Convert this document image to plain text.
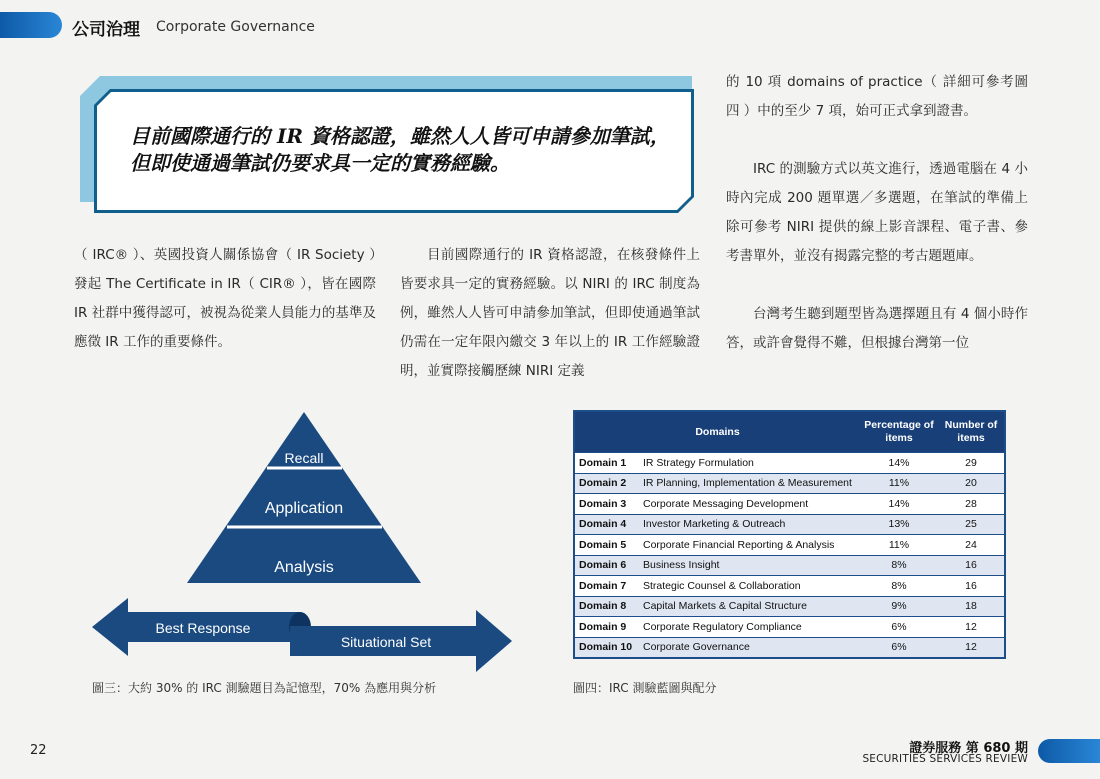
公司治理 Corporate Governance
目前國際通行的 IR 資格認證，雖然人人皆可申請參加筆試，
但即使通過筆試仍要求具一定的實務經驗。

（ IRC® ）、英國投資人關係協會（ IR Society ）發起 The Certificate in IR（ CIR® ），皆在國際 IR 社群中獲得認可，被視為從業人員能力的基準及應徵 IR 工作的重要條件。

目前國際通行的 IR 資格認證，在核發條件上皆要求具一定的實務經驗。以 NIRI 的 IRC 制度為例，雖然人人皆可申請參加筆試，但即使通過筆試仍需在一定年限內繳交 3 年以上的 IR 工作經驗證明，並實際接觸歷練 NIRI 定義

的 10 項 domains of practice（ 詳細可參考圖四 ）中的至少 7 項，始可正式拿到證書。

IRC 的測驗方式以英文進行，透過電腦在 4 小時內完成 200 題單選／多選題，在筆試的準備上除可參考 NIRI 提供的線上影音課程、電子書、參考書單外，並沒有揭露完整的考古題題庫。

台灣考生聽到題型皆為選擇題且有 4 個小時作答，或許會覺得不難，但根據台灣第一位

Recall
Application
Analysis
Best Response
Situational Set
圖三：大約 30% 的 IRC 測驗題目為記憶型，70% 為應用與分析
Domains		Percentage of items	Number of items
Domain 1	IR Strategy Formulation	14%	29
Domain 2	IR Planning, Implementation & Measurement	11%	20
Domain 3	Corporate Messaging Development	14%	28
Domain 4	Investor Marketing & Outreach	13%	25
Domain 5	Corporate Financial Reporting & Analysis	11%	24
Domain 6	Business Insight	8%	16
Domain 7	Strategic Counsel & Collaboration	8%	16
Domain 8	Capital Markets & Capital Structure	9%	18
Domain 9	Corporate Regulatory Compliance	6%	12
Domain 10	Corporate Governance	6%	12
圖四：IRC 測驗藍圖與配分
22	證券服務 第 680 期
SECURITIES SERVICES REVIEW
